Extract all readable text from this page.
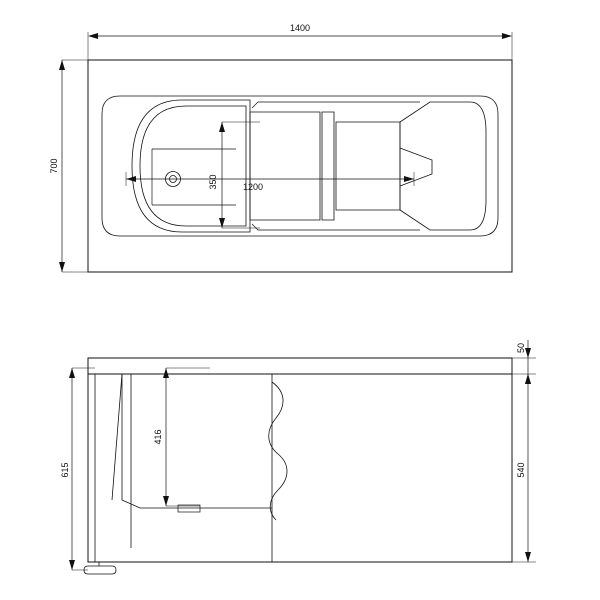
1400
700
350	1200
50
540
615
416
